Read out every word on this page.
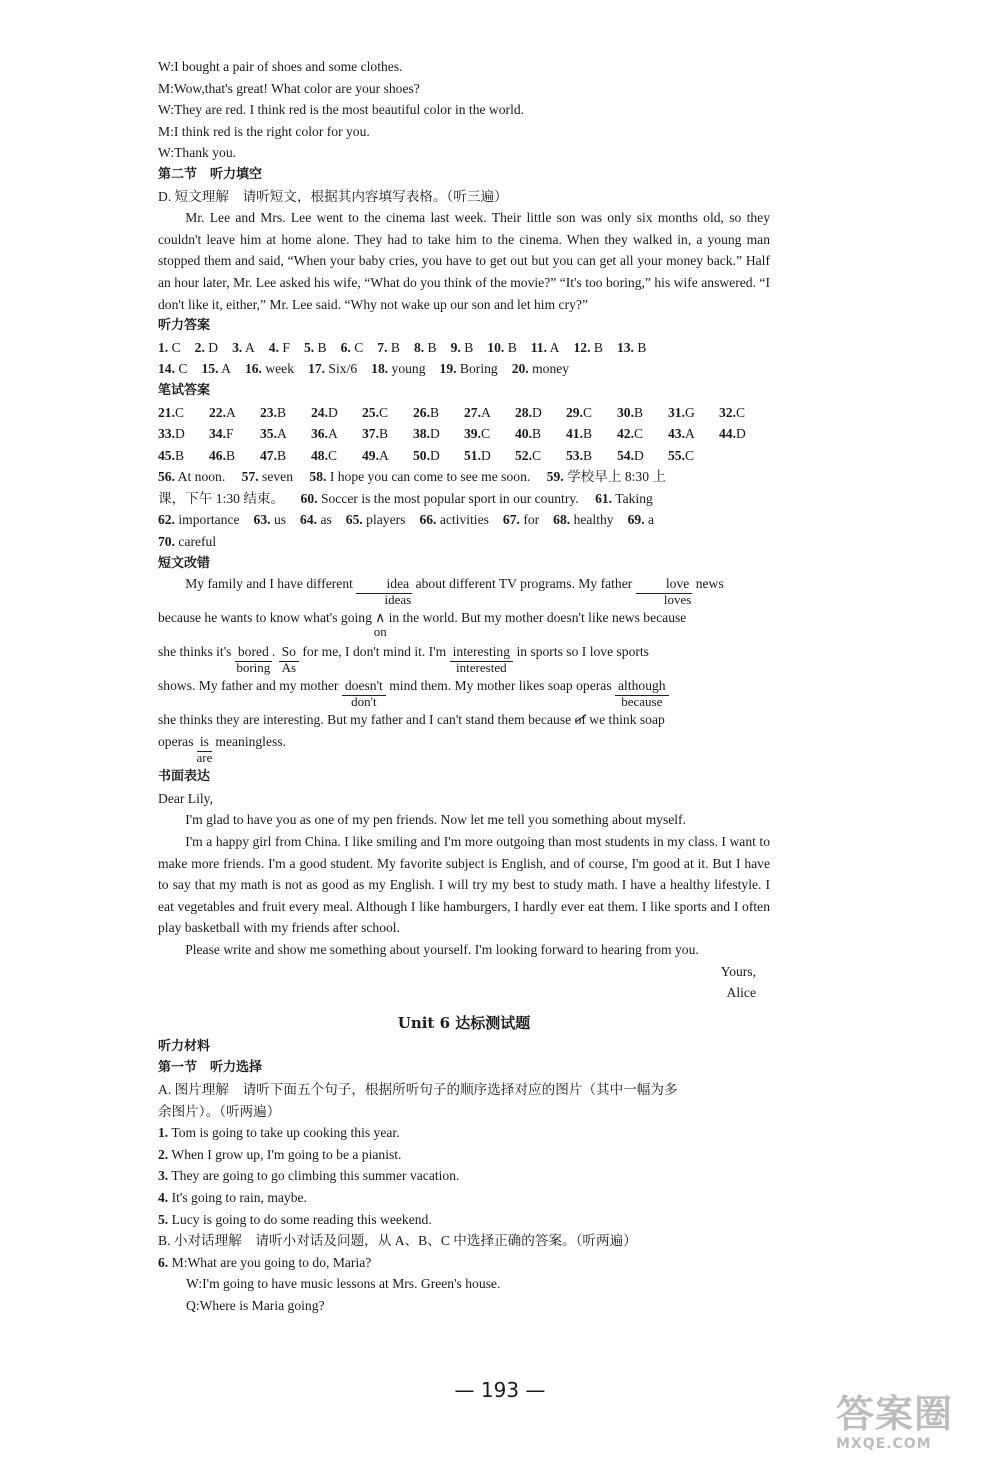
W:I bought a pair of shoes and some clothes.
M:Wow,that's great! What color are your shoes?
W:They are red. I think red is the most beautiful color in the world.
M:I think red is the right color for you.
W:Thank you.
第二节　听力填空
D. 短文理解　请听短文，根据其内容填写表格。（听三遍）
Mr. Lee and Mrs. Lee went to the cinema last week. Their little son was only six months old, so they couldn't leave him at home alone. They had to take him to the cinema. When they walked in, a young man stopped them and said, “When your baby cries, you have to get out but you can get all your money back.” Half an hour later, Mr. Lee asked his wife, “What do you think of the movie?” “It's too boring,” his wife answered. “I don't like it, either,” Mr. Lee said. “Why not wake up our son and let him cry?”
听力答案
1. C 2. D 3. A 4. F 5. B 6. C 7. B 8. B 9. B 10. B 11. A 12. B 13. B
14. C 15. A 16. week 17. Six/6 18. young 19. Boring 20. money
笔试答案
21.C	22.A	23.B	24.D	25.C	26.B	27.A	28.D	29.C	30.B	31.G	32.C
33.D	34.F	35.A	36.A	37.B	38.D	39.C	40.B	41.B	42.C	43.A	44.D
45.B	46.B	47.B	48.C	49.A	50.D	51.D	52.C	53.B	54.D	55.C
56. At noon. 57. seven 58. I hope you can come to see me soon. 59. 学校早上 8:30 上
课，下午 1:30 结束。 60. Soccer is the most popular sport in our country. 61. Taking
62. importance 63. us 64. as 65. players 66. activities 67. for 68. healthy 69. a
70. careful
短文改错
My family and I have different idea
ideas
about different TV programs. My father love
loves
news
because he wants to know what's going ∧
on
in the world. But my mother doesn't like news because
she thinks it's bored
boring
. So
As
for me, I don't mind it. I'm interesting
interested
in sports so I love sports
shows. My father and my mother doesn't
don't
mind them. My mother likes soap operas although
because
she thinks they are interesting. But my father and I can't stand them because of we think soap
operas is
are
meaningless.
书面表达
Dear Lily,
I'm glad to have you as one of my pen friends. Now let me tell you something about myself.
I'm a happy girl from China. I like smiling and I'm more outgoing than most students in my class. I want to make more friends. I'm a good student. My favorite subject is English, and of course, I'm good at it. But I have to say that my math is not as good as my English. I will try my best to study math. I have a healthy lifestyle. I eat vegetables and fruit every meal. Although I like hamburgers, I hardly ever eat them. I like sports and I often play basketball with my friends after school.
Please write and show me something about yourself. I'm looking forward to hearing from you.
Yours,
Alice
Unit 6 达标测试题
听力材料
第一节　听力选择
A. 图片理解　请听下面五个句子，根据所听句子的顺序选择对应的图片（其中一幅为多
余图片）。（听两遍）
1. Tom is going to take up cooking this year.
2. When I grow up, I'm going to be a pianist.
3. They are going to go climbing this summer vacation.
4. It's going to rain, maybe.
5. Lucy is going to do some reading this weekend.
B. 小对话理解　请听小对话及问题，从 A、B、C 中选择正确的答案。（听两遍）
6. M:What are you going to do, Maria?
W:I'm going to have music lessons at Mrs. Green's house.
Q:Where is Maria going?
— 193 —
答案圈
MXQE.COM
